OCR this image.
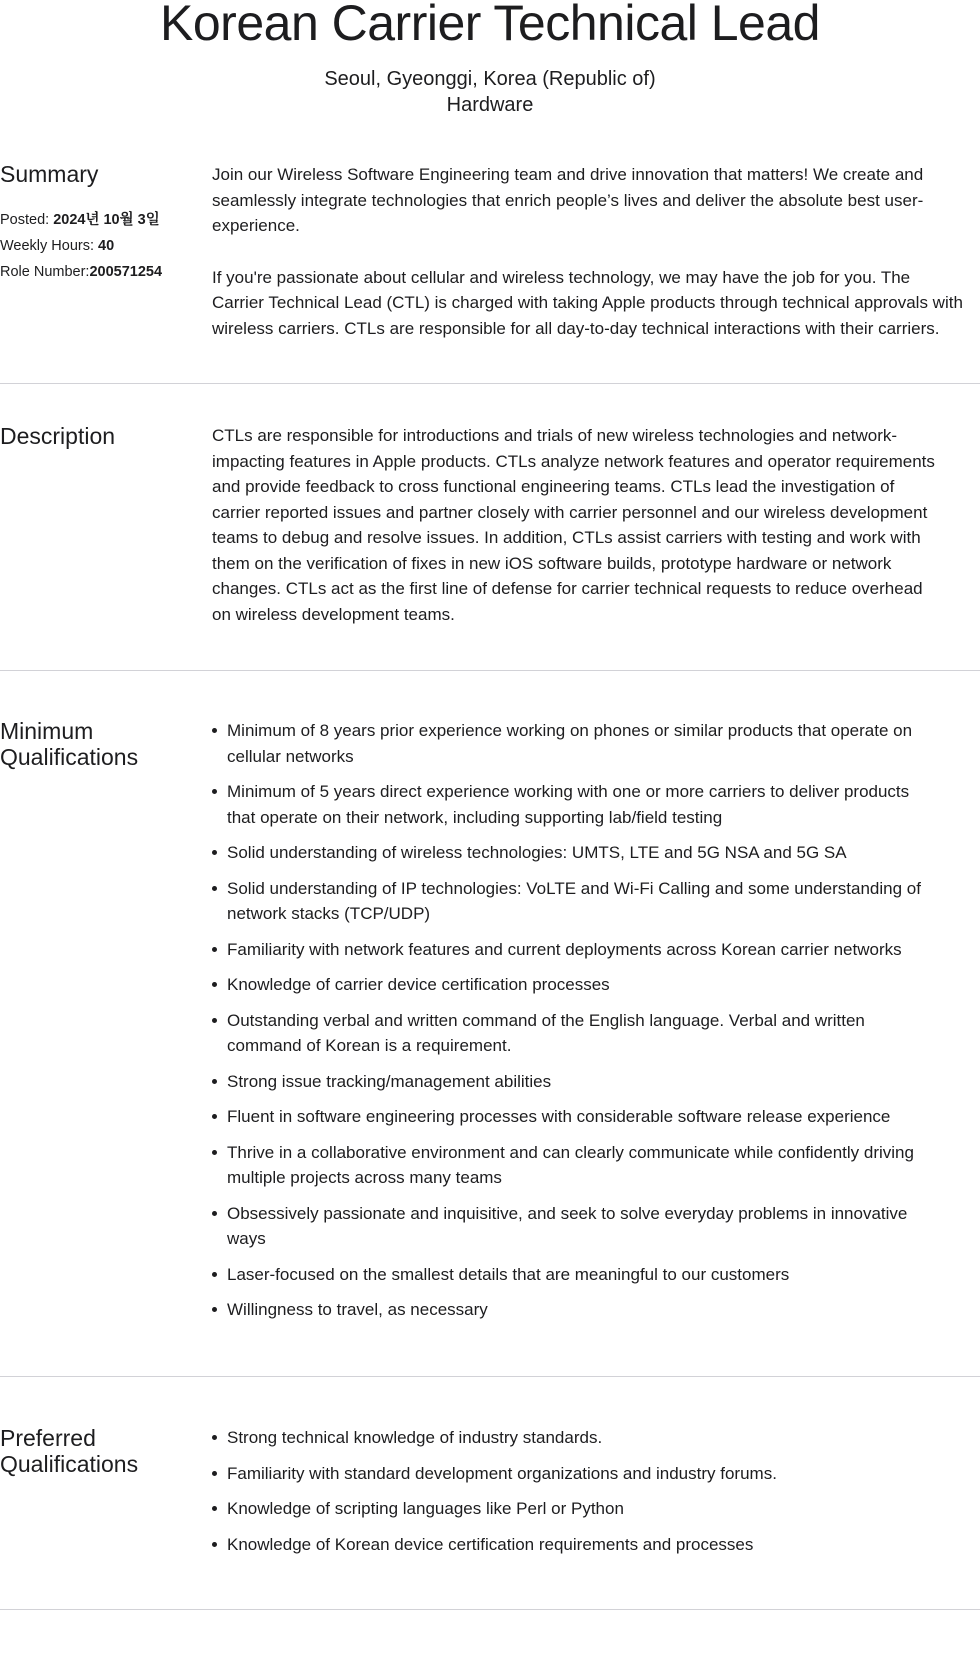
Korean Carrier Technical Lead
Seoul, Gyeonggi, Korea (Republic of)
Hardware
Summary
Posted: 2024년 10월 3일
Weekly Hours: 40
Role Number:200571254

Join our Wireless Software Engineering team and drive innovation that matters! We create and seamlessly integrate technologies that enrich people’s lives and deliver the absolute best user-experience.

If you're passionate about cellular and wireless technology, we may have the job for you. The Carrier Technical Lead (CTL) is charged with taking Apple products through technical approvals with wireless carriers. CTLs are responsible for all day-to-day technical interactions with their carriers.

Description	CTLs are responsible for introductions and trials of new wireless technologies and network-impacting features in Apple products. CTLs analyze network features and operator requirements and provide feedback to cross functional engineering teams. CTLs lead the investigation of carrier reported issues and partner closely with carrier personnel and our wireless development teams to debug and resolve issues. In addition, CTLs assist carriers with testing and work with them on the verification of fixes in new iOS software builds, prototype hardware or network changes. CTLs act as the first line of defense for carrier technical requests to reduce overhead on wireless development teams.
Minimum
Qualifications
Minimum of 8 years prior experience working on phones or similar products that operate on cellular networks
Minimum of 5 years direct experience working with one or more carriers to deliver products that operate on their network, including supporting lab/field testing
Solid understanding of wireless technologies: UMTS, LTE and 5G NSA and 5G SA
Solid understanding of IP technologies: VoLTE and Wi-Fi Calling and some understanding of network stacks (TCP/UDP)
Familiarity with network features and current deployments across Korean carrier networks
Knowledge of carrier device certification processes
Outstanding verbal and written command of the English language. Verbal and written command of Korean is a requirement.
Strong issue tracking/management abilities
Fluent in software engineering processes with considerable software release experience
Thrive in a collaborative environment and can clearly communicate while confidently driving multiple projects across many teams
Obsessively passionate and inquisitive, and seek to solve everyday problems in innovative ways
Laser-focused on the smallest details that are meaningful to our customers
Willingness to travel, as necessary
Preferred
Qualifications
Strong technical knowledge of industry standards.
Familiarity with standard development organizations and industry forums.
Knowledge of scripting languages like Perl or Python
Knowledge of Korean device certification requirements and processes
